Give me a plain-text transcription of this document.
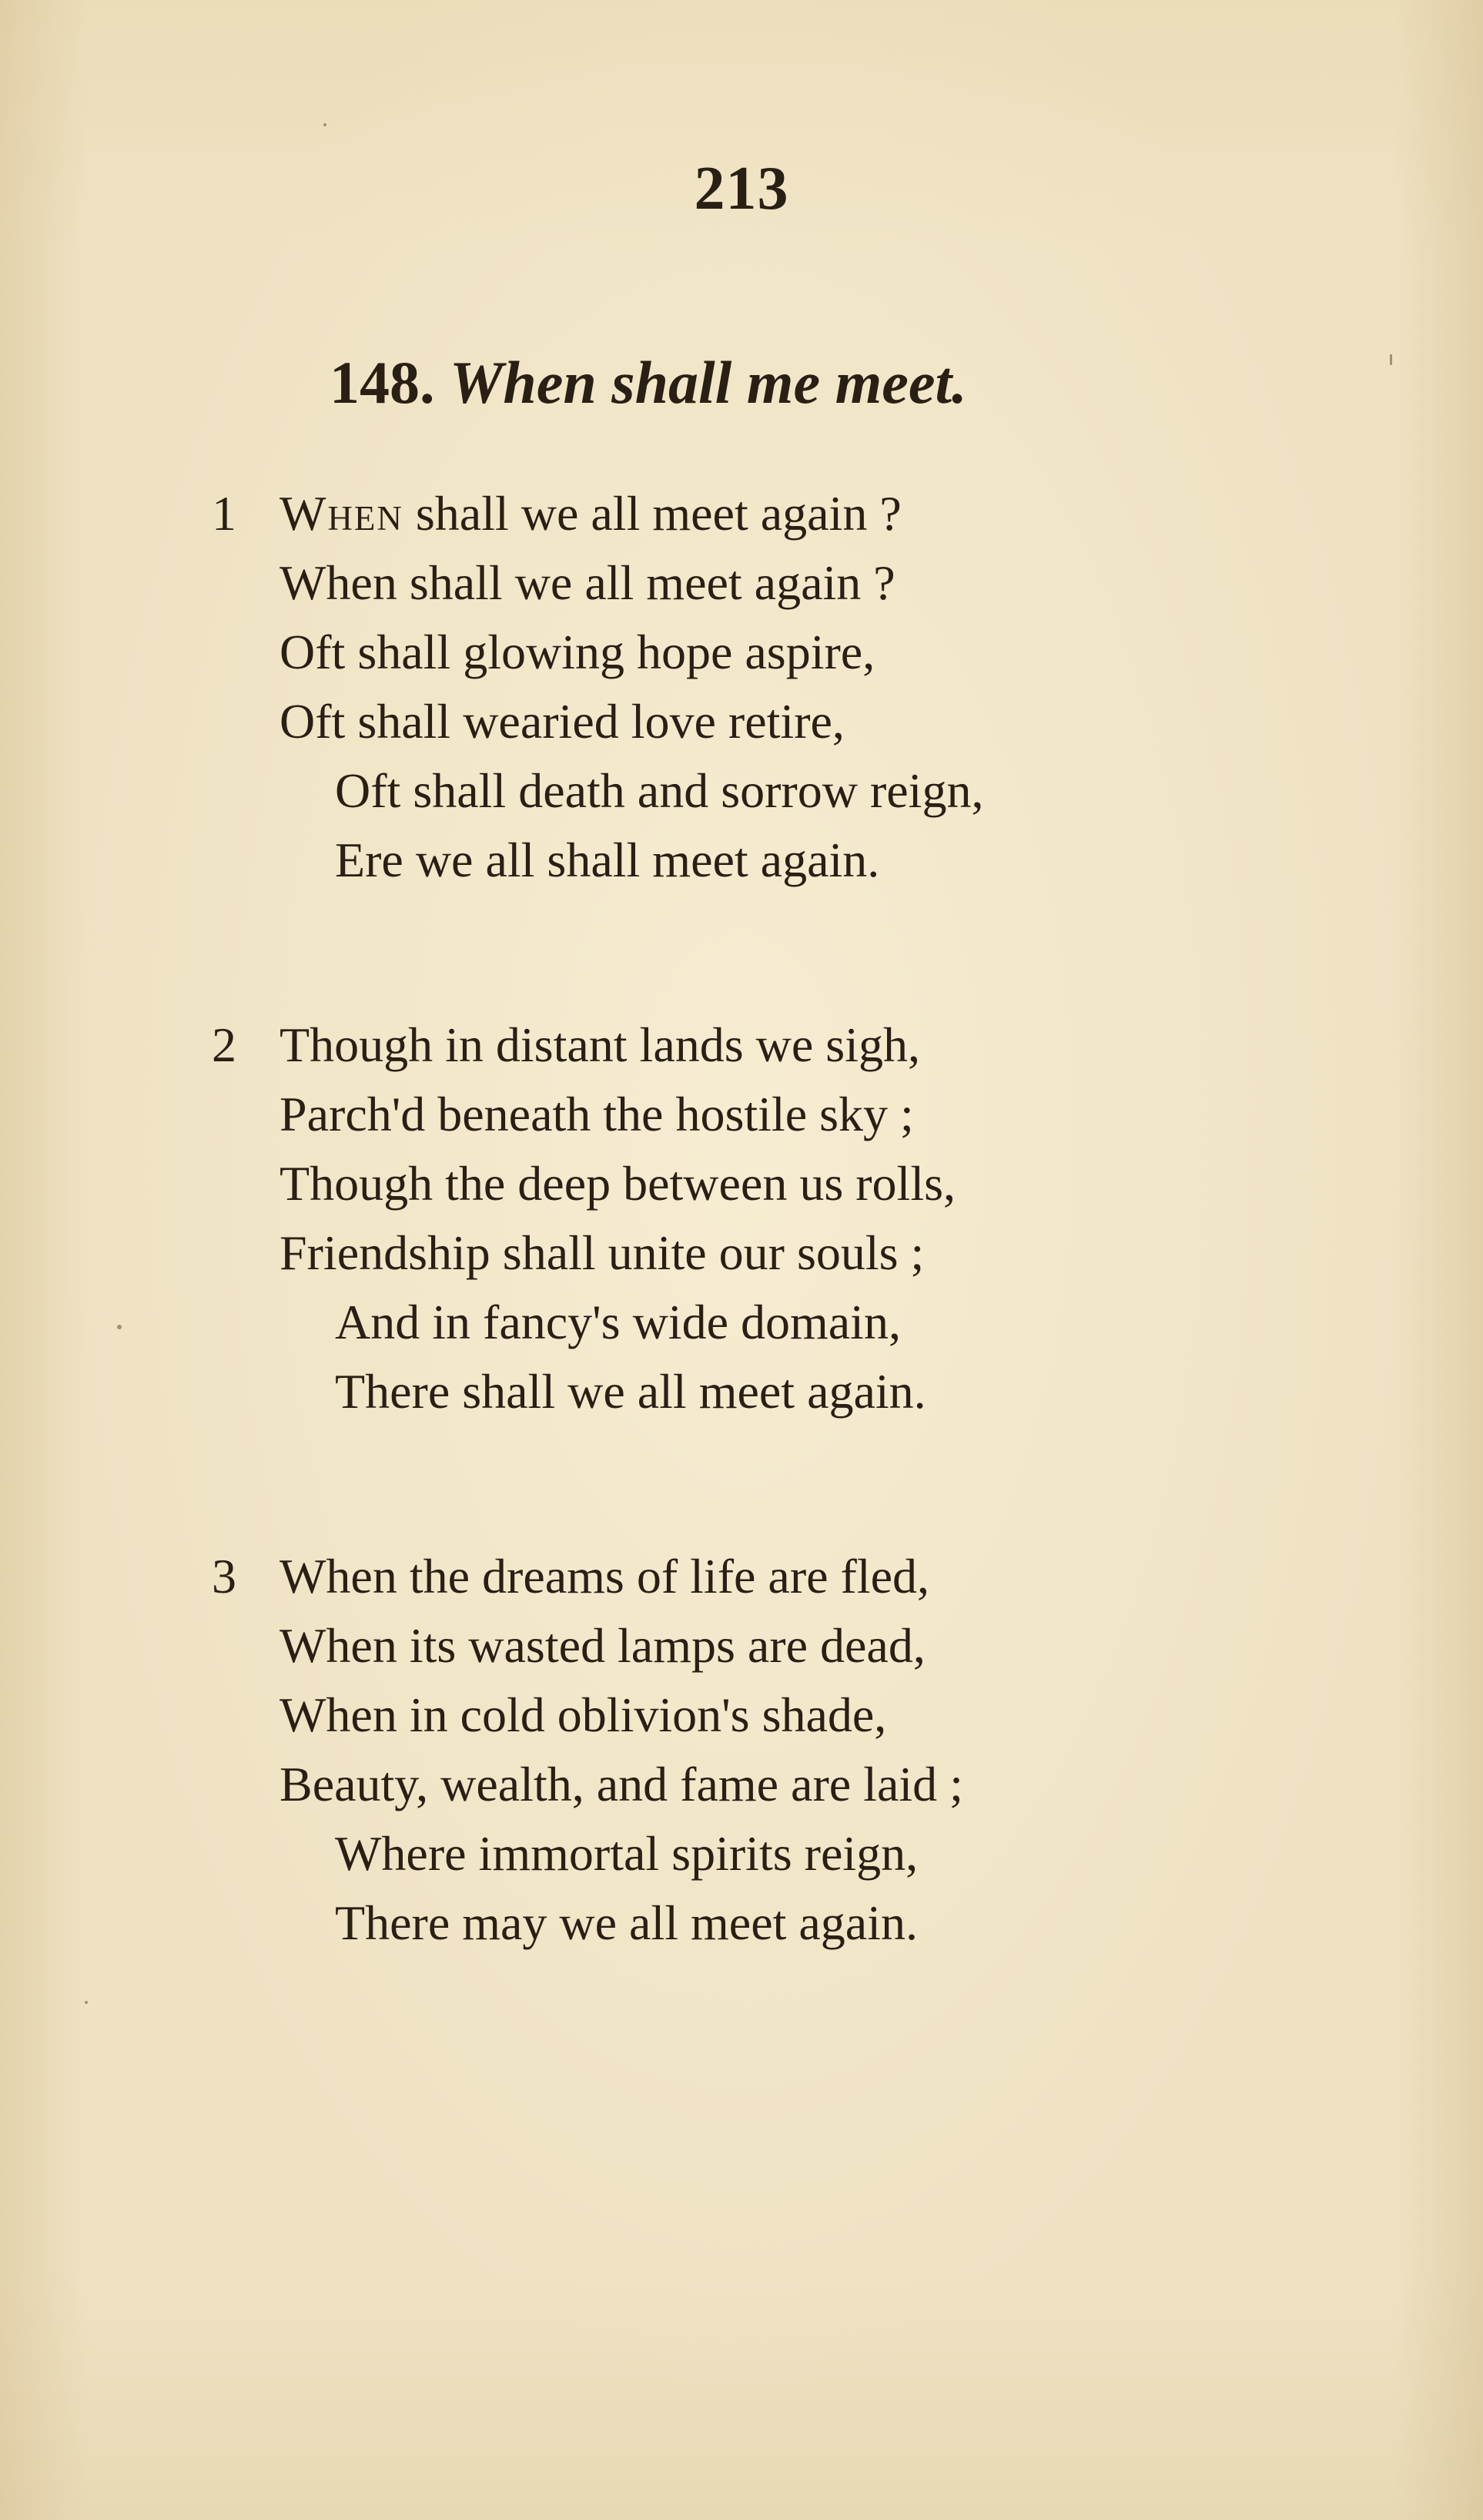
213
148. When shall me meet.
1 When shall we all meet again ?
When shall we all meet again ?
Oft shall glowing hope aspire,
Oft shall wearied love retire,
Oft shall death and sorrow reign,
Ere we all shall meet again.
2 Though in distant lands we sigh,
Parch'd beneath the hostile sky ;
Though the deep between us rolls,
Friendship shall unite our souls ;
And in fancy's wide domain,
There shall we all meet again.
3 When the dreams of life are fled,
When its wasted lamps are dead,
When in cold oblivion's shade,
Beauty, wealth, and fame are laid ;
Where immortal spirits reign,
There may we all meet again.
